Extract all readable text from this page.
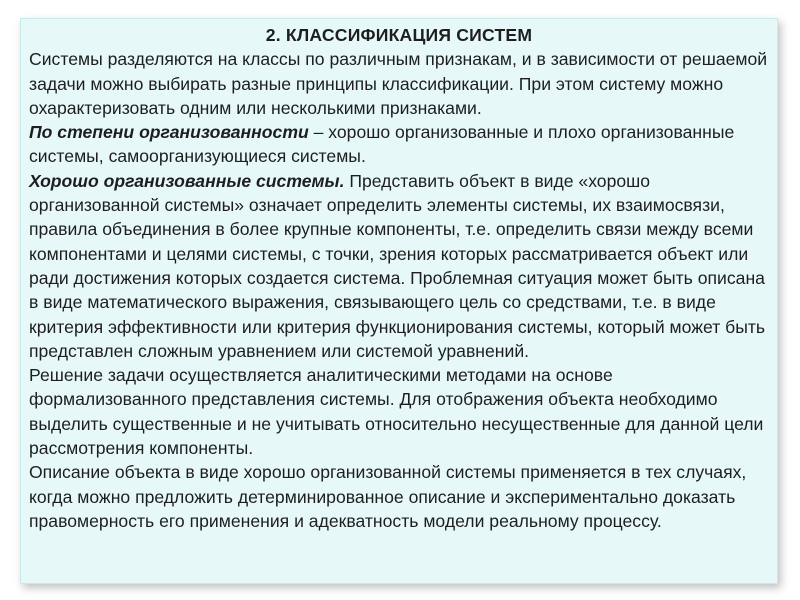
2. КЛАССИФИКАЦИЯ СИСТЕМ

Системы разделяются на классы по различным признакам, и в зависимости от решаемой задачи можно выбирать разные принципы классификации. При этом систему можно охарактеризовать одним или несколькими признаками.

По степени организованности – хорошо организованные и плохо организованные системы, самоорганизующиеся системы.

Хорошо организованные системы. Представить объект в виде «хорошо организованной системы» означает определить элементы системы, их взаимосвязи, правила объединения в более крупные компоненты, т.е. определить связи между всеми компонентами и целями системы, с точки, зрения которых рассматривается объект или ради достижения которых создается система. Проблемная ситуация может быть описана в виде математического выражения, связывающего цель со средствами, т.е. в виде критерия эффективности или критерия функционирования системы, который может быть представлен сложным уравнением или системой уравнений.

Решение задачи осуществляется аналитическими методами на основе формализованного представления системы. Для отображения объекта необходимо выделить существенные и не учитывать относительно несущественные для данной цели рассмотрения компоненты.

Описание объекта в виде хорошо организованной системы применяется в тех случаях, когда можно предложить детерминированное описание и экспериментально доказать правомерность его применения и адекватность модели реальному процессу.
